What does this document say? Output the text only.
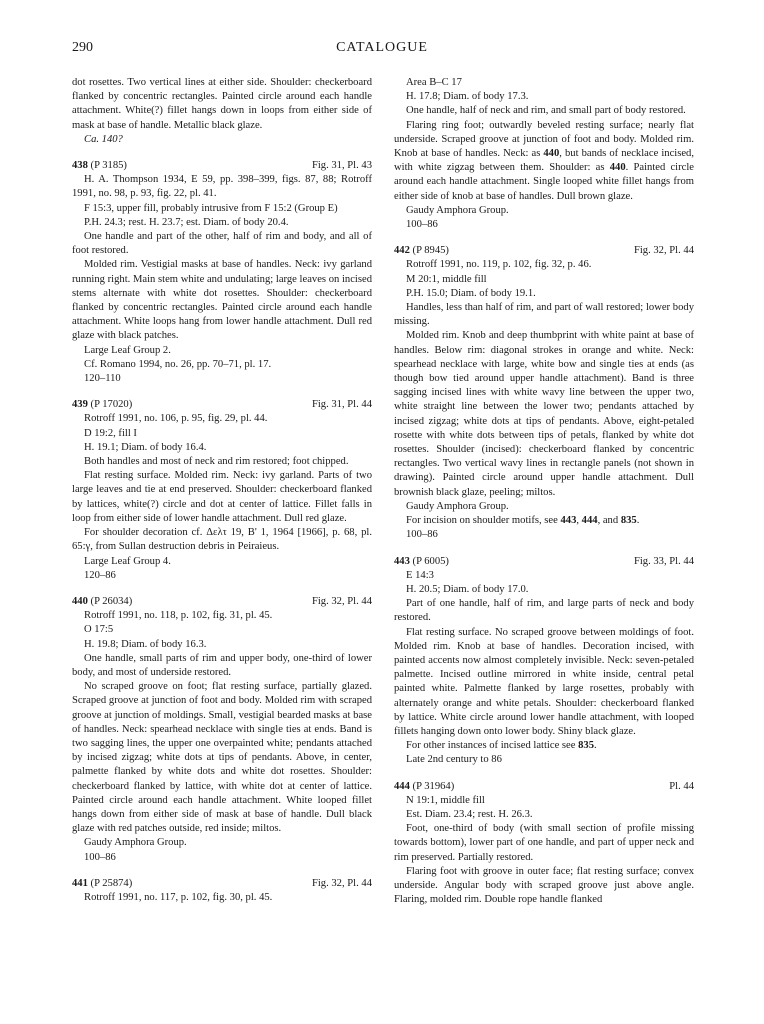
290	CATALOGUE

dot rosettes. Two vertical lines at either side. Shoulder: checkerboard flanked by concentric rectangles. Painted circle around each handle attachment. White(?) fillet hangs down in loops from either side of mask at base of handle. Metallic black glaze.

Ca. 140?

438 (P 3185)	Fig. 31, Pl. 43

H. A. Thompson 1934, E 59, pp. 398–399, figs. 87, 88; Rotroff 1991, no. 98, p. 93, fig. 22, pl. 41.

F 15:3, upper fill, probably intrusive from F 15:2 (Group E)

P.H. 24.3; rest. H. 23.7; est. Diam. of body 20.4.

One handle and part of the other, half of rim and body, and all of foot restored.

Molded rim. Vestigial masks at base of handles. Neck: ivy garland running right. Main stem white and undulating; large leaves on incised stems alternate with white dot rosettes. Shoulder: checkerboard flanked by concentric rectangles. Painted circle around each handle attachment. White loops hang from lower handle attachment. Dull red glaze with black patches.

Large Leaf Group 2.

Cf. Romano 1994, no. 26, pp. 70–71, pl. 17.

120–110

439 (P 17020)	Fig. 31, Pl. 44

Rotroff 1991, no. 106, p. 95, fig. 29, pl. 44.

D 19:2, fill I

H. 19.1; Diam. of body 16.4.

Both handles and most of neck and rim restored; foot chipped.

Flat resting surface. Molded rim. Neck: ivy garland. Parts of two large leaves and tie at end preserved. Shoulder: checkerboard flanked by lattices, white(?) circle and dot at center of lattice. Fillet falls in loop from either side of lower handle attachment. Dull red glaze.

For shoulder decoration cf. Δελτ 19, Β' 1, 1964 [1966], p. 68, pl. 65:γ, from Sullan destruction debris in Peiraieus.

Large Leaf Group 4.

120–86

440 (P 26034)	Fig. 32, Pl. 44

Rotroff 1991, no. 118, p. 102, fig. 31, pl. 45.

O 17:5

H. 19.8; Diam. of body 16.3.

One handle, small parts of rim and upper body, one-third of lower body, and most of underside restored.

No scraped groove on foot; flat resting surface, partially glazed. Scraped groove at junction of foot and body. Molded rim with scraped groove at junction of moldings. Small, vestigial bearded masks at base of handles. Neck: spearhead necklace with single ties at ends. Band is two sagging lines, the upper one overpainted white; pendants attached by incised zigzag; white dots at tips of pendants. Above, in center, palmette flanked by white dots and white dot rosettes. Shoulder: checkerboard flanked by lattice, with white dot at center of lattice. Painted circle around each handle attachment. White looped fillet hangs down from either side of mask at base of handle. Dull black glaze with red patches outside, red inside; miltos.

Gaudy Amphora Group.

100–86

441 (P 25874)	Fig. 32, Pl. 44

Rotroff 1991, no. 117, p. 102, fig. 30, pl. 45.

Area B–C 17

H. 17.8; Diam. of body 17.3.

One handle, half of neck and rim, and small part of body restored.

Flaring ring foot; outwardly beveled resting surface; nearly flat underside. Scraped groove at junction of foot and body. Molded rim. Knob at base of handles. Neck: as 440, but bands of necklace incised, with white zigzag between them. Shoulder: as 440. Painted circle around each handle attachment. Single looped white fillet hangs from either side of knob at base of handles. Dull brown glaze.

Gaudy Amphora Group.

100–86

442 (P 8945)	Fig. 32, Pl. 44

Rotroff 1991, no. 119, p. 102, fig. 32, p. 46.

M 20:1, middle fill

P.H. 15.0; Diam. of body 19.1.

Handles, less than half of rim, and part of wall restored; lower body missing.

Molded rim. Knob and deep thumbprint with white paint at base of handles. Below rim: diagonal strokes in orange and white. Neck: spearhead necklace with large, white bow and single ties at ends (as though bow tied around upper handle attachment). Band is three sagging incised lines with white wavy line between the upper two, white straight line between the lower two; pendants attached by incised zigzag; white dots at tips of pendants. Above, eight-petaled rosette with white dots between tips of petals, flanked by white dot rosettes. Shoulder (incised): checkerboard flanked by concentric rectangles. Two vertical wavy lines in rectangle panels (not shown in drawing). Painted circle around upper handle attachment. Dull brownish black glaze, peeling; miltos.

Gaudy Amphora Group.

For incision on shoulder motifs, see 443, 444, and 835.

100–86

443 (P 6005)	Fig. 33, Pl. 44

E 14:3

H. 20.5; Diam. of body 17.0.

Part of one handle, half of rim, and large parts of neck and body restored.

Flat resting surface. No scraped groove between moldings of foot. Molded rim. Knob at base of handles. Decoration incised, with painted accents now almost completely invisible. Neck: seven-petaled palmette. Incised outline mirrored in white inside, central petal painted white. Palmette flanked by large rosettes, probably with alternately orange and white petals. Shoulder: checkerboard flanked by lattice. White circle around lower handle attachment, with looped fillets hanging down onto lower body. Shiny black glaze.

For other instances of incised lattice see 835.

Late 2nd century to 86

444 (P 31964)	Pl. 44

N 19:1, middle fill

Est. Diam. 23.4; rest. H. 26.3.

Foot, one-third of body (with small section of profile missing towards bottom), lower part of one handle, and part of upper neck and rim preserved. Partially restored.

Flaring foot with groove in outer face; flat resting surface; convex underside. Angular body with scraped groove just above angle. Flaring, molded rim. Double rope handle flanked
